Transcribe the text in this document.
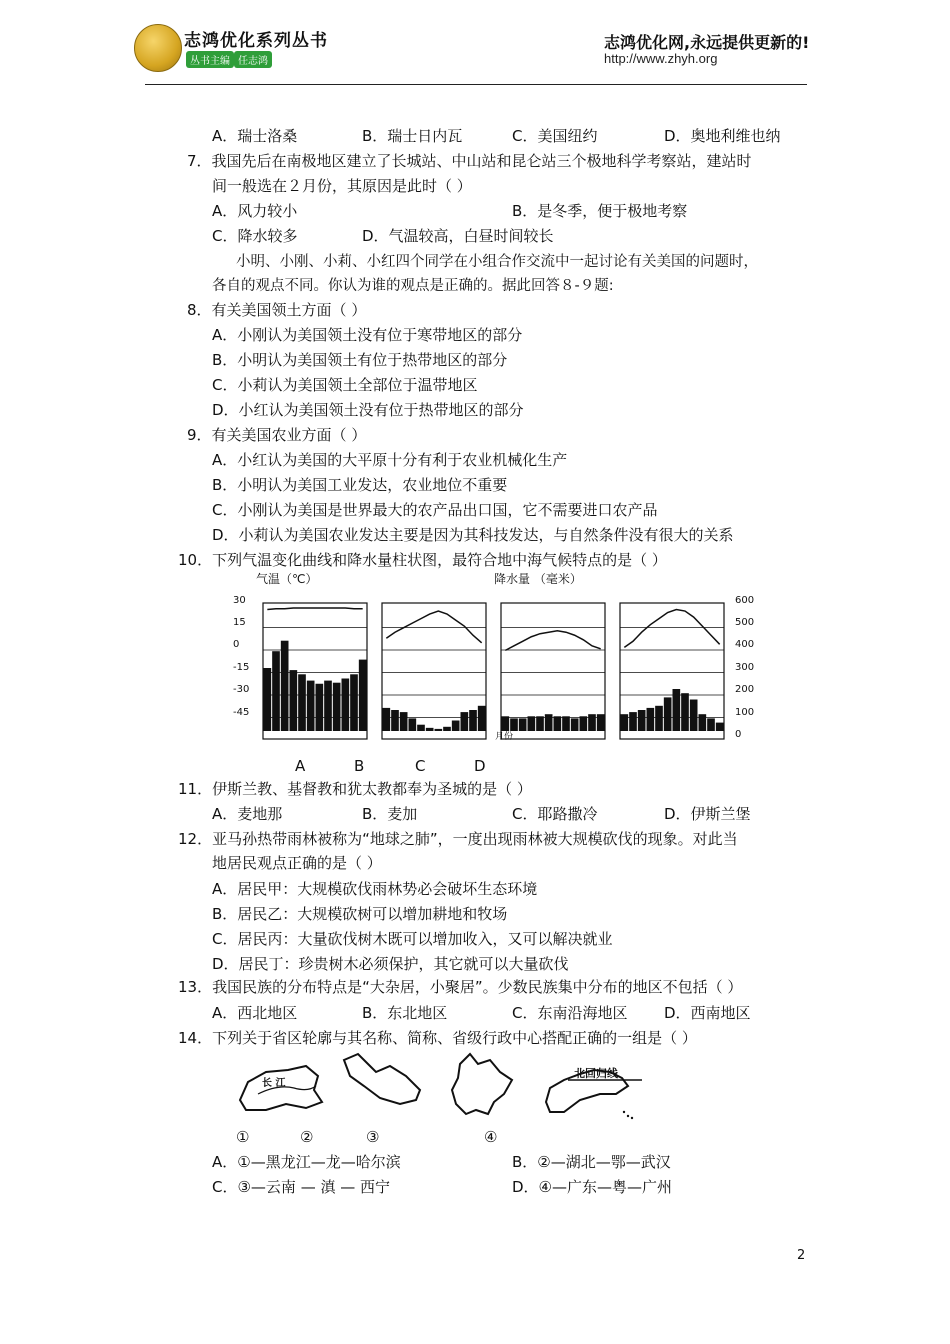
志鸿优化系列丛书
丛书主编 任志鸿
志鸿优化网,永远提供更新的!
http://www.zhyh.org
A．瑞士洛桑	B．瑞士日内瓦	C．美国纽约	D．奥地利维也纳
7．我国先后在南极地区建立了长城站、中山站和昆仑站三个极地科学考察站，建站时
间一般选在２月份，其原因是此时（ ）
A．风力较小	B．是冬季，便于极地考察
C．降水较多	D．气温较高，白昼时间较长
小明、小刚、小莉、小红四个同学在小组合作交流中一起讨论有关美国的问题时，
各自的观点不同。你认为谁的观点是正确的。据此回答８-９题:
8．有关美国领土方面（ ）
A．小刚认为美国领土没有位于寒带地区的部分
B．小明认为美国领土有位于热带地区的部分
C．小莉认为美国领土全部位于温带地区
D．小红认为美国领土没有位于热带地区的部分
9．有关美国农业方面（ ）
A．小红认为美国的大平原十分有利于农业机械化生产
B．小明认为美国工业发达，农业地位不重要
C．小刚认为美国是世界最大的农产品出口国，它不需要进口农产品
D．小莉认为美国农业发达主要是因为其科技发达，与自然条件没有很大的关系
10．下列气温变化曲线和降水量柱状图，最符合地中海气候特点的是（ ）
气温（℃）	降水量 （毫米）
30
15
0
-15
-30
-45
600
500
400
300
200
100
0
月份
A	B	C	D
11．伊斯兰教、基督教和犹太教都奉为圣城的是（ ）
A．麦地那	B．麦加	C．耶路撒冷	D．伊斯兰堡
12．亚马孙热带雨林被称为“地球之肺”，一度出现雨林被大规模砍伐的现象。对此当
地居民观点正确的是（ ）
A．居民甲：大规模砍伐雨林势必会破坏生态环境
B．居民乙：大规模砍树可以增加耕地和牧场
C．居民丙：大量砍伐树木既可以增加收入，又可以解决就业
D．居民丁：珍贵树木必须保护，其它就可以大量砍伐
13．我国民族的分布特点是“大杂居，小聚居”。少数民族集中分布的地区不包括（ ）
A．西北地区	B．东北地区	C．东南沿海地区 D．西南地区
14．下列关于省区轮廓与其名称、简称、省级行政中心搭配正确的一组是（ ）
长 江
北回归线
①	②	③	④
A．①—黑龙江—龙—哈尔滨	B．②—湖北—鄂—武汉
C．③—云南 — 滇 — 西宁	D．④—广东—粤—广州
2
